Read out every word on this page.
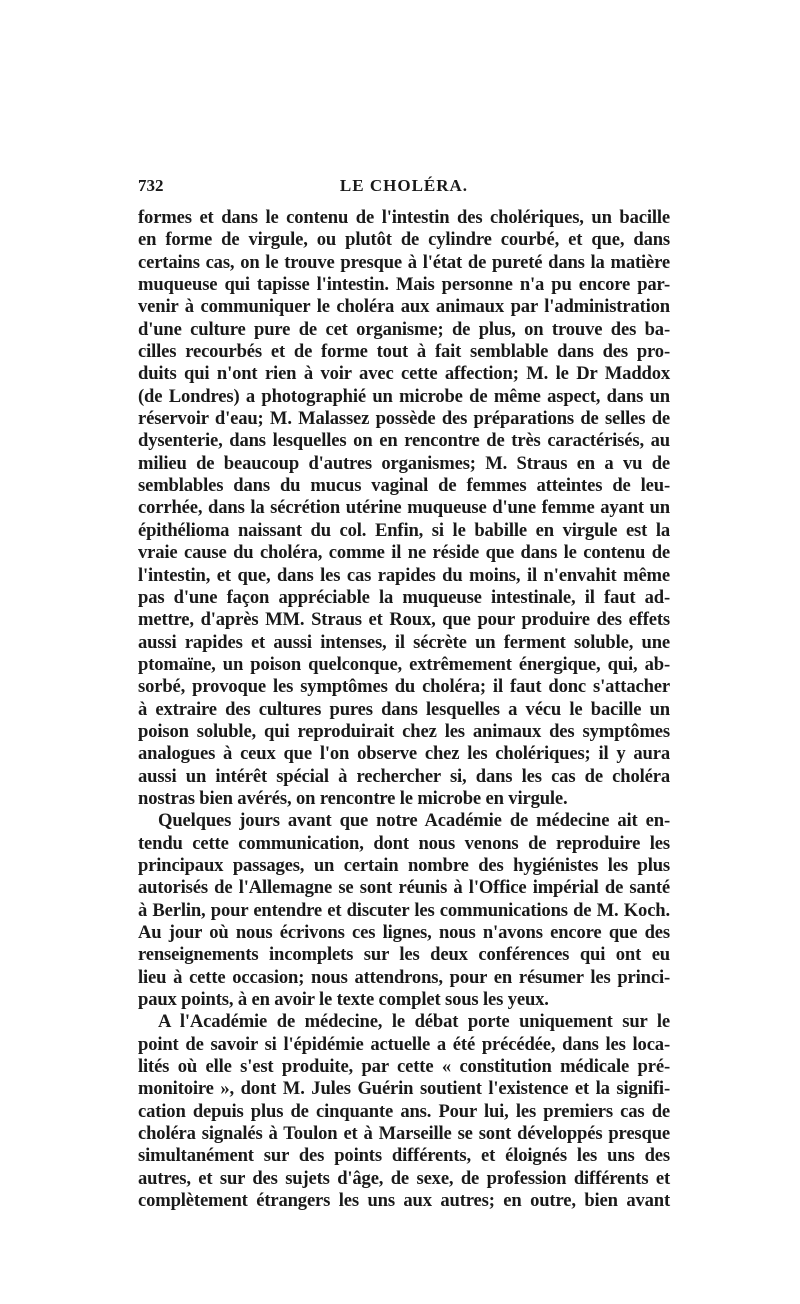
732	LE CHOLÉRA.
formes et dans le contenu de l'intestin des cholériques, un bacille
en forme de virgule, ou plutôt de cylindre courbé, et que, dans
certains cas, on le trouve presque à l'état de pureté dans la matière
muqueuse qui tapisse l'intestin. Mais personne n'a pu encore par-
venir à communiquer le choléra aux animaux par l'administration
d'une culture pure de cet organisme; de plus, on trouve des ba-
cilles recourbés et de forme tout à fait semblable dans des pro-
duits qui n'ont rien à voir avec cette affection; M. le Dr Maddox
(de Londres) a photographié un microbe de même aspect, dans un
réservoir d'eau; M. Malassez possède des préparations de selles de
dysenterie, dans lesquelles on en rencontre de très caractérisés, au
milieu de beaucoup d'autres organismes; M. Straus en a vu de
semblables dans du mucus vaginal de femmes atteintes de leu-
corrhée, dans la sécrétion utérine muqueuse d'une femme ayant un
épithélioma naissant du col. Enfin, si le babille en virgule est la
vraie cause du choléra, comme il ne réside que dans le contenu de
l'intestin, et que, dans les cas rapides du moins, il n'envahit même
pas d'une façon appréciable la muqueuse intestinale, il faut ad-
mettre, d'après MM. Straus et Roux, que pour produire des effets
aussi rapides et aussi intenses, il sécrète un ferment soluble, une
ptomaïne, un poison quelconque, extrêmement énergique, qui, ab-
sorbé, provoque les symptômes du choléra; il faut donc s'attacher
à extraire des cultures pures dans lesquelles a vécu le bacille un
poison soluble, qui reproduirait chez les animaux des symptômes
analogues à ceux que l'on observe chez les cholériques; il y aura
aussi un intérêt spécial à rechercher si, dans les cas de choléra
nostras bien avérés, on rencontre le microbe en virgule.
Quelques jours avant que notre Académie de médecine ait en-
tendu cette communication, dont nous venons de reproduire les
principaux passages, un certain nombre des hygiénistes les plus
autorisés de l'Allemagne se sont réunis à l'Office impérial de santé
à Berlin, pour entendre et discuter les communications de M. Koch.
Au jour où nous écrivons ces lignes, nous n'avons encore que des
renseignements incomplets sur les deux conférences qui ont eu
lieu à cette occasion; nous attendrons, pour en résumer les princi-
paux points, à en avoir le texte complet sous les yeux.
A l'Académie de médecine, le débat porte uniquement sur le
point de savoir si l'épidémie actuelle a été précédée, dans les loca-
lités où elle s'est produite, par cette « constitution médicale pré-
monitoire », dont M. Jules Guérin soutient l'existence et la signifi-
cation depuis plus de cinquante ans. Pour lui, les premiers cas de
choléra signalés à Toulon et à Marseille se sont développés presque
simultanément sur des points différents, et éloignés les uns des
autres, et sur des sujets d'âge, de sexe, de profession différents et
complètement étrangers les uns aux autres; en outre, bien avant
